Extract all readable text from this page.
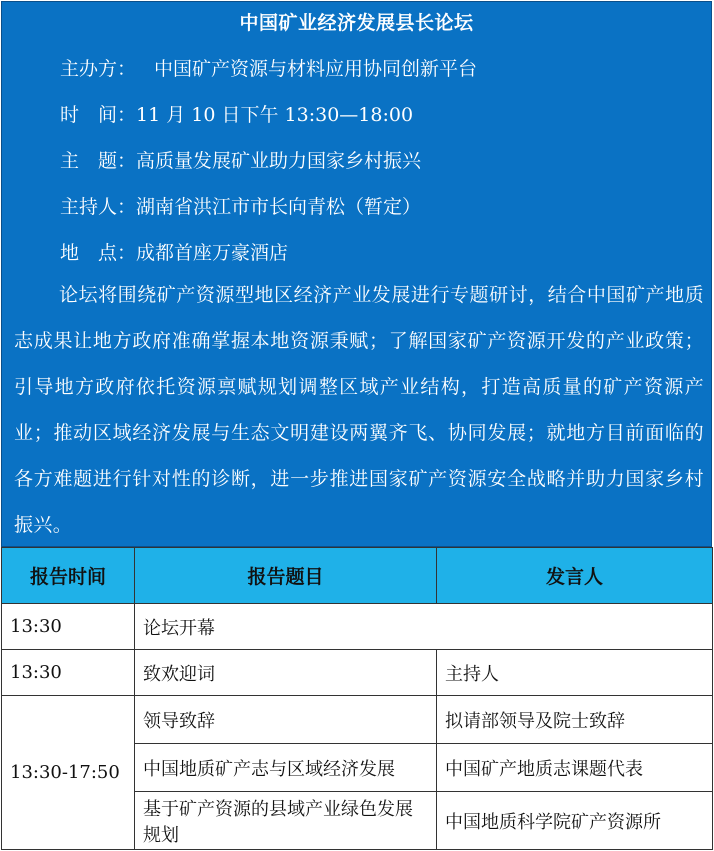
中国矿业经济发展县长论坛
主办方： 中国矿产资源与材料应用协同创新平台
时　间：11 月 10 日下午 13:30—18:00
主　题：高质量发展矿业助力国家乡村振兴
主持人：湖南省洪江市市长向青松（暂定）
地　点：成都首座万豪酒店
论坛将围绕矿产资源型地区经济产业发展进行专题研讨，结合中国矿产地质志成果让地方政府准确掌握本地资源秉赋；了解国家矿产资源开发的产业政策；引导地方政府依托资源禀赋规划调整区域产业结构，打造高质量的矿产资源产业；推动区域经济发展与生态文明建设两翼齐飞、协同发展；就地方目前面临的各方难题进行针对性的诊断，进一步推进国家矿产资源安全战略并助力国家乡村振兴。
报告时间	报告题目	发言人
13:30	论坛开幕	
13:30	致欢迎词	主持人
13:30-17:50	领导致辞	拟请部领导及院士致辞
	中国地质矿产志与区域经济发展	中国矿产地质志课题代表
	基于矿产资源的县域产业绿色发展规划	中国地质科学院矿产资源所
